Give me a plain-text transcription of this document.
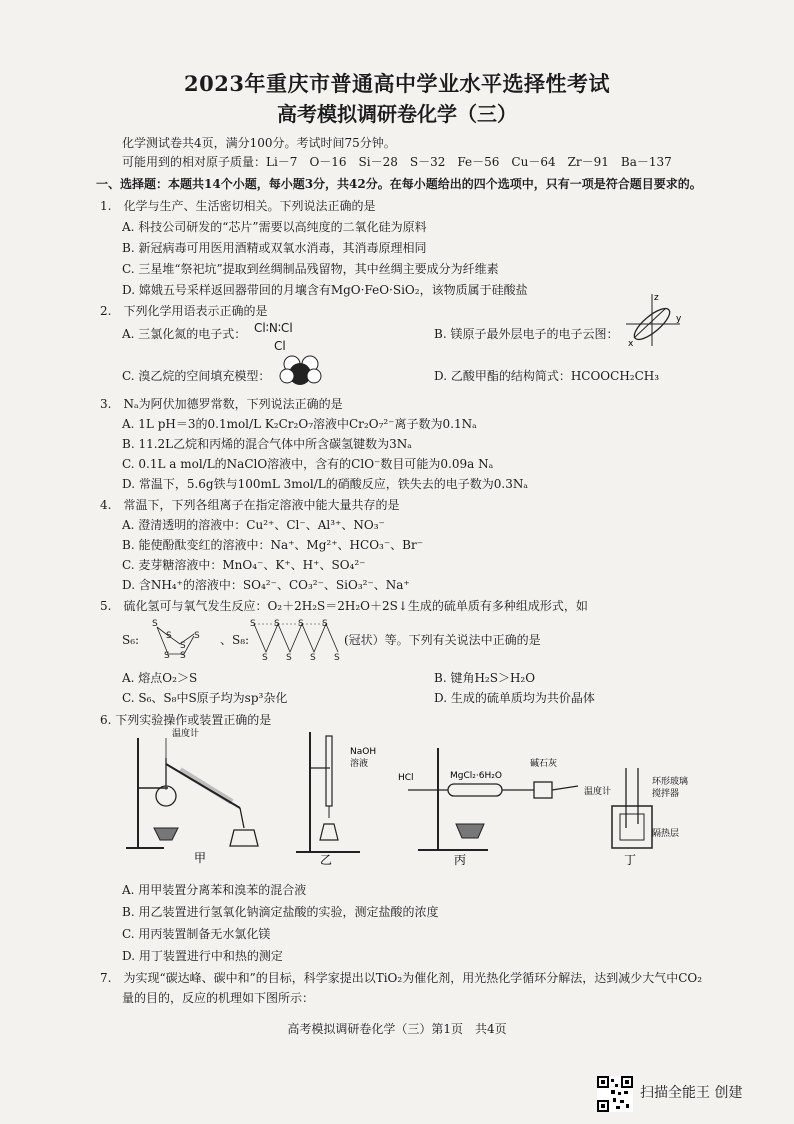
2023年重庆市普通高中学业水平选择性考试
高考模拟调研卷化学（三）
化学测试卷共4页，满分100分。考试时间75分钟。
可能用到的相对原子质量：Li－7　O－16　Si－28　S－32　Fe－56　Cu－64　Zr－91　Ba－137
一、选择题：本题共14个小题，每小题3分，共42分。在每小题给出的四个选项中，只有一项是符合题目要求的。
1.　化学与生产、生活密切相关。下列说法正确的是
A. 科技公司研发的“芯片”需要以高纯度的二氧化硅为原料
B. 新冠病毒可用医用酒精或双氧水消毒，其消毒原理相同
C. 三星堆“祭祀坑”提取到丝绸制品残留物，其中丝绸主要成分为纤维素
D. 嫦娥五号采样返回器带回的月壤含有MgO·FeO·SiO₂，该物质属于硅酸盐
2.　下列化学用语表示正确的是
A. 三氯化氮的电子式： Cl∶N∶Cl
Cl
B. 镁原子最外层电子的电子云图：
z
y
x
C. 溴乙烷的空间填充模型：	D. 乙酸甲酯的结构简式：HCOOCH₂CH₃
3.　Nₐ为阿伏加德罗常数，下列说法正确的是
A. 1L pH＝3的0.1mol/L K₂Cr₂O₇溶液中Cr₂O₇²⁻离子数为0.1Nₐ
B. 11.2L乙烷和丙烯的混合气体中所含碳氢键数为3Nₐ
C. 0.1L a mol/L的NaClO溶液中，含有的ClO⁻数目可能为0.09a Nₐ
D. 常温下，5.6g铁与100mL 3mol/L的硝酸反应，铁失去的电子数为0.3Nₐ
4.　常温下，下列各组离子在指定溶液中能大量共存的是
A. 澄清透明的溶液中：Cu²⁺、Cl⁻、Al³⁺、NO₃⁻
B. 能使酚酞变红的溶液中：Na⁺、Mg²⁺、HCO₃⁻、Br⁻
C. 麦芽糖溶液中：MnO₄⁻、K⁺、H⁺、SO₄²⁻
D. 含NH₄⁺的溶液中：SO₄²⁻、CO₃²⁻、SiO₃²⁻、Na⁺
5.　硫化氢可与氧气发生反应：O₂＋2H₂S＝2H₂O＋2S↓生成的硫单质有多种组成形式，如
S₆:
S
S
S
S
S
S
、S₈:
S
S
S
S
S
S
S
S
(冠状）等。下列有关说法中正确的是
A. 熔点O₂＞S	B. 键角H₂S＞H₂O
C. S₆、S₈中S原子均为sp³杂化	D. 生成的硫单质均为共价晶体
6. 下列实验操作或装置正确的是
温度计
甲
NaOH
溶液
乙
HCl	MgCl₂·6H₂O
碱石灰
丙
温度计
环形玻璃
搅拌器
隔热层
丁
A. 用甲装置分离苯和溴苯的混合液
B. 用乙装置进行氢氧化钠滴定盐酸的实验，测定盐酸的浓度
C. 用丙装置制备无水氯化镁
D. 用丁装置进行中和热的测定
7.　为实现“碳达峰、碳中和”的目标，科学家提出以TiO₂为催化剂，用光热化学循环分解法，达到减少大气中CO₂
量的目的，反应的机理如下图所示：
高考模拟调研卷化学（三）第1页　共4页
扫描全能王 创建
